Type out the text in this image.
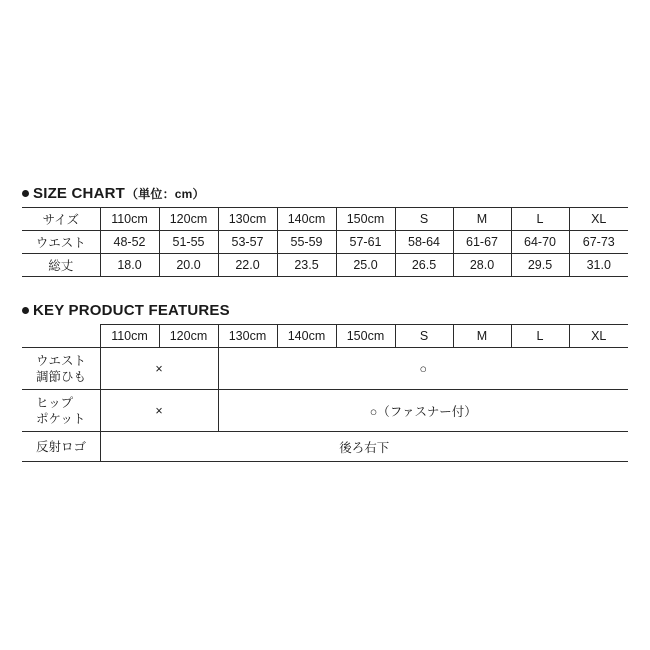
SIZE CHART （単位：cm）
サイズ	110cm	120cm	130cm	140cm	150cm	S	M	L	XL
ウエスト	48-52	51-55	53-57	55-59	57-61	58-64	61-67	64-70	67-73
総丈	18.0	20.0	22.0	23.5	25.0	26.5	28.0	29.5	31.0
KEY PRODUCT FEATURES
	110cm	120cm	130cm	140cm	150cm	S	M	L	XL

ウエスト
調節ひも	×		○						

ヒップ
ポケット	×		○（ファスナー付）						
反射ロゴ	後ろ右下								
